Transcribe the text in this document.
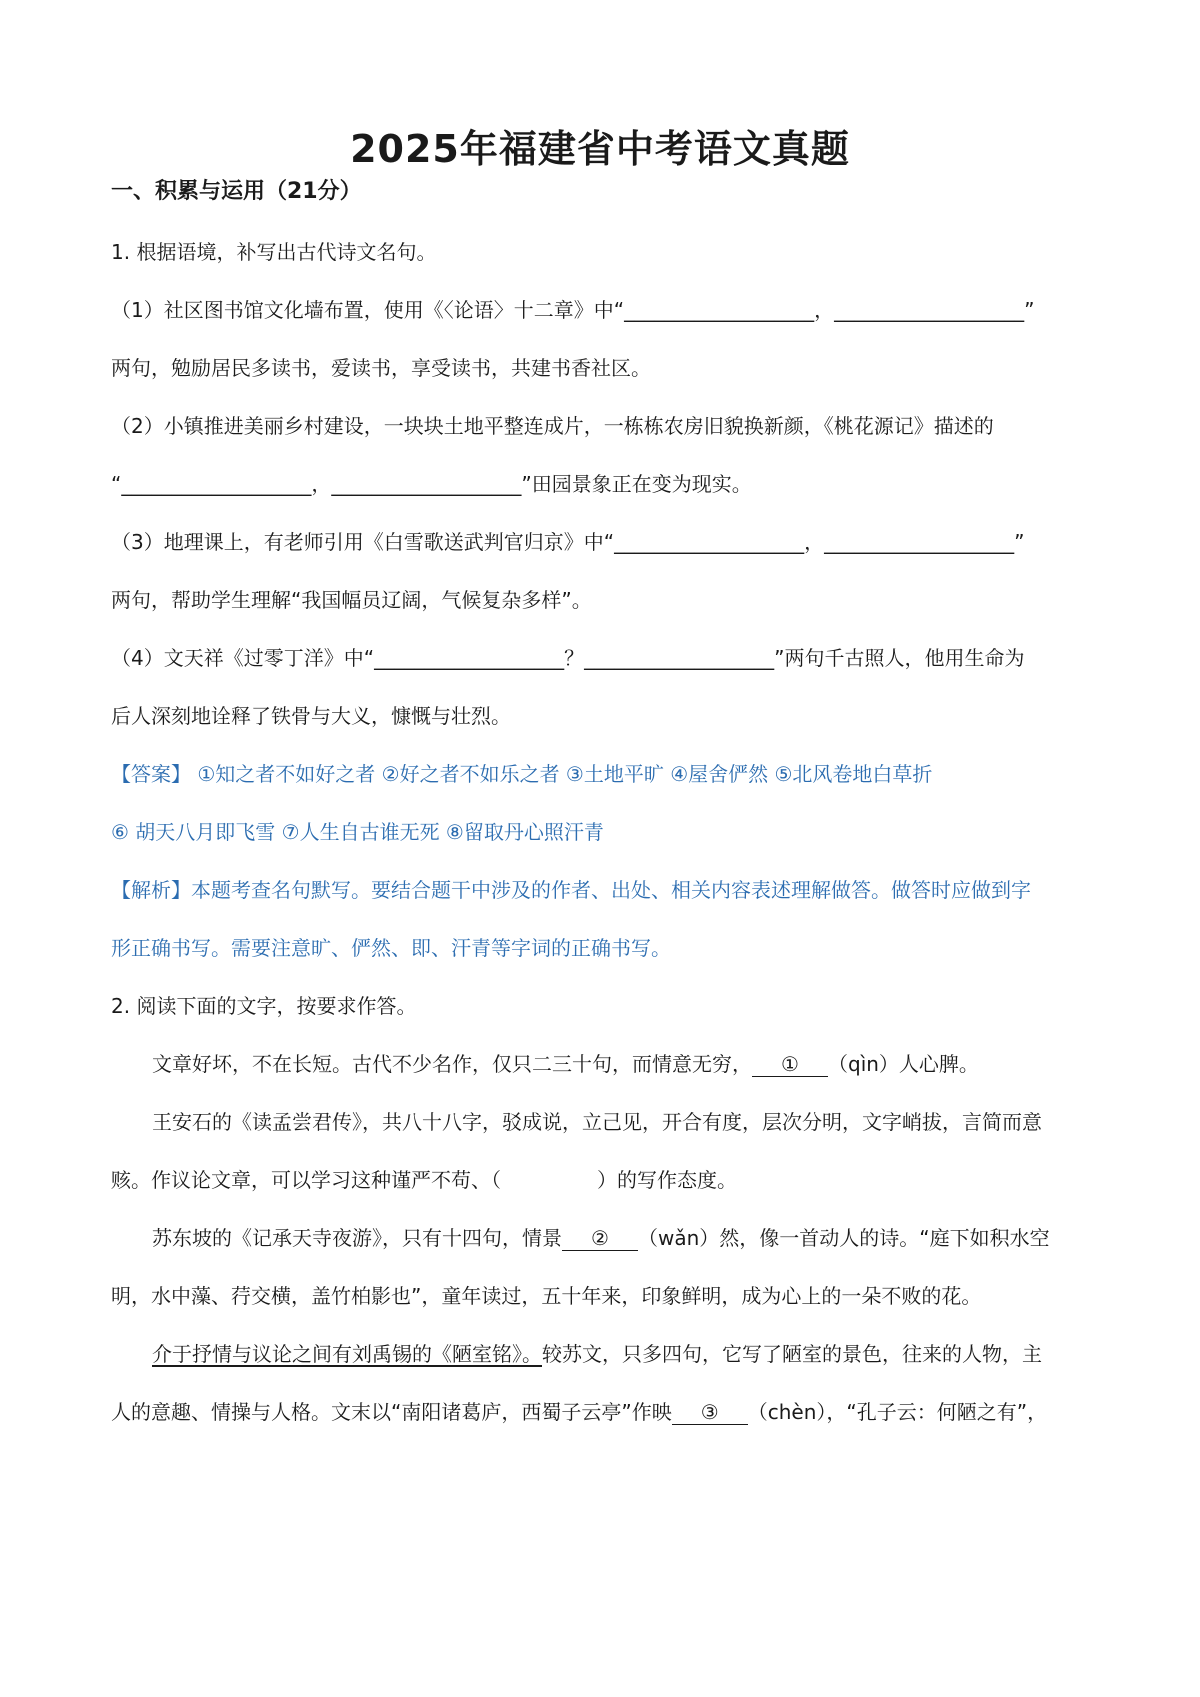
2025年福建省中考语文真题
一、积累与运用（21分）
1. 根据语境，补写出古代诗文名句。
（1）社区图书馆文化墙布置，使用《〈论语〉十二章》中“___________________，___________________”
两句，勉励居民多读书，爱读书，享受读书，共建书香社区。
（2）小镇推进美丽乡村建设，一块块土地平整连成片，一栋栋农房旧貌换新颜，《桃花源记》描述的
“___________________，___________________”田园景象正在变为现实。
（3）地理课上，有老师引用《白雪歌送武判官归京》中“___________________，___________________”
两句，帮助学生理解“我国幅员辽阔，气候复杂多样”。
（4）文天祥《过零丁洋》中“___________________？___________________”两句千古照人，他用生命为
后人深刻地诠释了铁骨与大义，慷慨与壮烈。
【答案】 ①知之者不如好之者 ②好之者不如乐之者 ③土地平旷 ④屋舍俨然 ⑤北风卷地白草折
⑥ 胡天八月即飞雪 ⑦人生自古谁无死 ⑧留取丹心照汗青
【解析】本题考查名句默写。要结合题干中涉及的作者、出处、相关内容表述理解做答。做答时应做到字
形正确书写。需要注意旷、俨然、即、汗青等字词的正确书写。
2. 阅读下面的文字，按要求作答。
文章好坏，不在长短。古代不少名作，仅只二三十句，而情意无穷， ① （qìn）人心脾。
王安石的《读孟尝君传》，共八十八字，驳成说，立己见，开合有度，层次分明，文字峭拔，言简而意
赅。作议论文章，可以学习这种谨严不苟、（	）的写作态度。
苏东坡的《记承天寺夜游》，只有十四句，情景 ② （wǎn）然，像一首动人的诗。“庭下如积水空
明，水中藻、荇交横，盖竹柏影也”，童年读过，五十年来，印象鲜明，成为心上的一朵不败的花。
介于抒情与议论之间有刘禹锡的《陋室铭》。较苏文，只多四句，它写了陋室的景色，往来的人物，主
人的意趣、情操与人格。文末以“南阳诸葛庐，西蜀子云亭”作映 ③ （chèn），“孔子云：何陋之有”，
